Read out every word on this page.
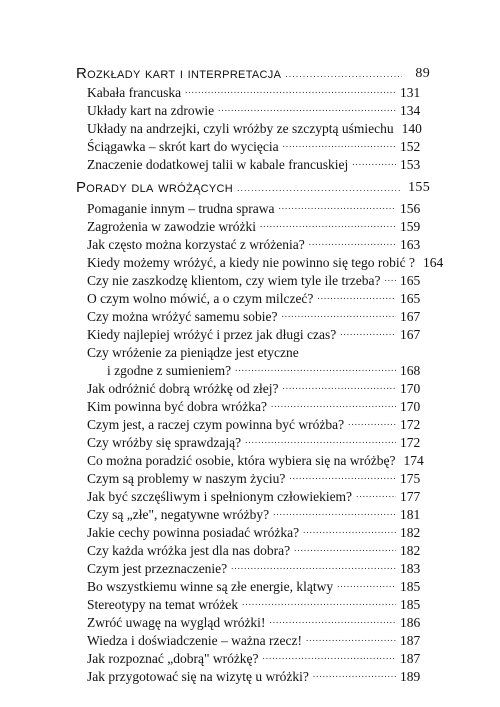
Rozkłady kart i interpretacja .....	89
Kabała francuska .....	131
Układy kart na zdrowie .....	134
Układy na andrzejki, czyli wróżby ze szczyptą uśmiechu 140
Ściągawka – skrót kart do wycięcia .....	152
Znaczenie dodatkowej talii w kabale francuskiej .....	153
Porady dla wróżących .....	155
Pomaganie innym – trudna sprawa .....	156
Zagrożenia w zawodzie wróżki .....	159
Jak często można korzystać z wróżenia? .....	163
Kiedy możemy wróżyć, a kiedy nie powinno się tego robić ? 164
Czy nie zaszkodzę klientom, czy wiem tyle ile trzeba? ..... 165
O czym wolno mówić, a o czym milczeć? .....	165
Czy można wróżyć samemu sobie? .....	167
Kiedy najlepiej wróżyć i przez jak długi czas? .....	167
Czy wróżenie za pieniądze jest etyczne
i zgodne z sumieniem? .....	168
Jak odróżnić dobrą wróżkę od złej? .....	170
Kim powinna być dobra wróżka? .....	170
Czym jest, a raczej czym powinna być wróżba? .....	172
Czy wróżby się sprawdzają? .....	172
Co można poradzić osobie, która wybiera się na wróżbę? 174
Czym są problemy w naszym życiu? .....	175
Jak być szczęśliwym i spełnionym człowiekiem? .....	177
Czy są „złe", negatywne wróżby? .....	181
Jakie cechy powinna posiadać wróżka? .....	182
Czy każda wróżka jest dla nas dobra? .....	182
Czym jest przeznaczenie? .....	183
Bo wszystkiemu winne są złe energie, klątwy .....	185
Stereotypy na temat wróżek .....	185
Zwróć uwagę na wygląd wróżki! .....	186
Wiedza i doświadczenie – ważna rzecz! .....	187
Jak rozpoznać „dobrą" wróżkę? .....	187
Jak przygotować się na wizytę u wróżki? .....	189
